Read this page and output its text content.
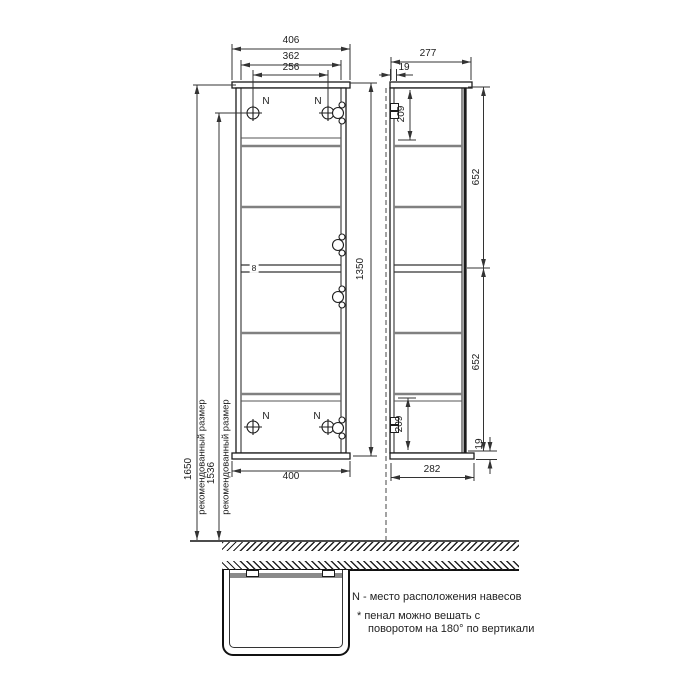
406
362
256
400
1350
8
N	N
N	N
277
19
209
652
652
209
19
282
1650 рекомендованный размер
1536 рекомендованный размер
N - место расположения навесов
* пенал можно вешать с
поворотом на 180° по вертикали
